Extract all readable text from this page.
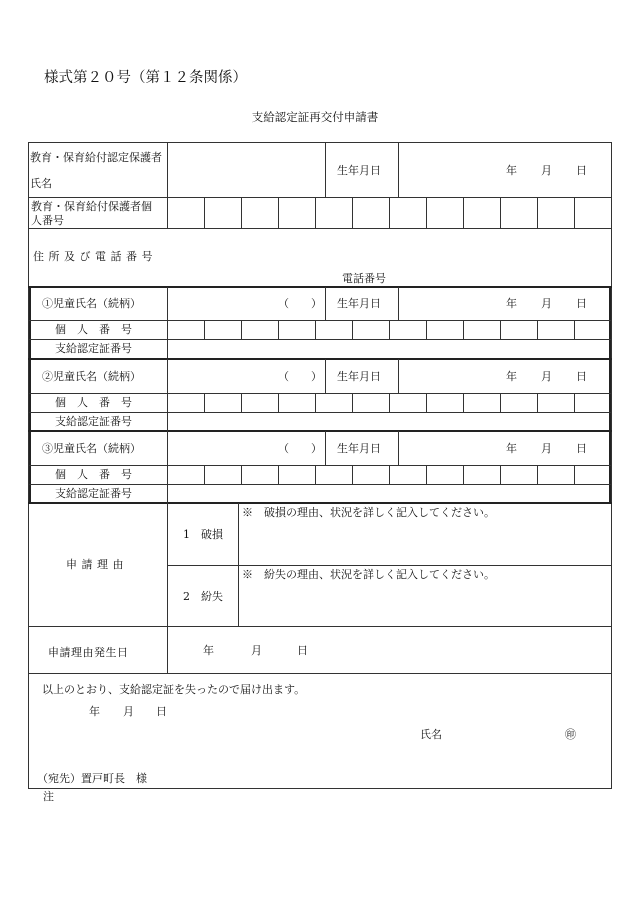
様式第２０号（第１２条関係）
支給認定証再交付申請書
教育・保育給付認定保護者
氏名
生年月日	年 月 日
教育・保育給付保護者個
人番号
住 所 及 び 電 話 番 号
電話番号
①児童氏名（続柄）	（　　） 生年月日	年 月 日
個　人　番　号
支給認定証番号
②児童氏名（続柄）	（　　） 生年月日	年 月 日
個　人　番　号
支給認定証番号
③児童氏名（続柄）	（　　） 生年月日	年 月 日
個　人　番　号
支給認定証番号
申 請 理 由
1　破損
※　破損の理由、状況を詳しく記入してください。
2　紛失
※　紛失の理由、状況を詳しく記入してください。
申請理由発生日	年	月	日
以上のとおり、支給認定証を失ったので届け出ます。
年 月 日
氏名	㊞
（宛先）置戸町長　様
注
